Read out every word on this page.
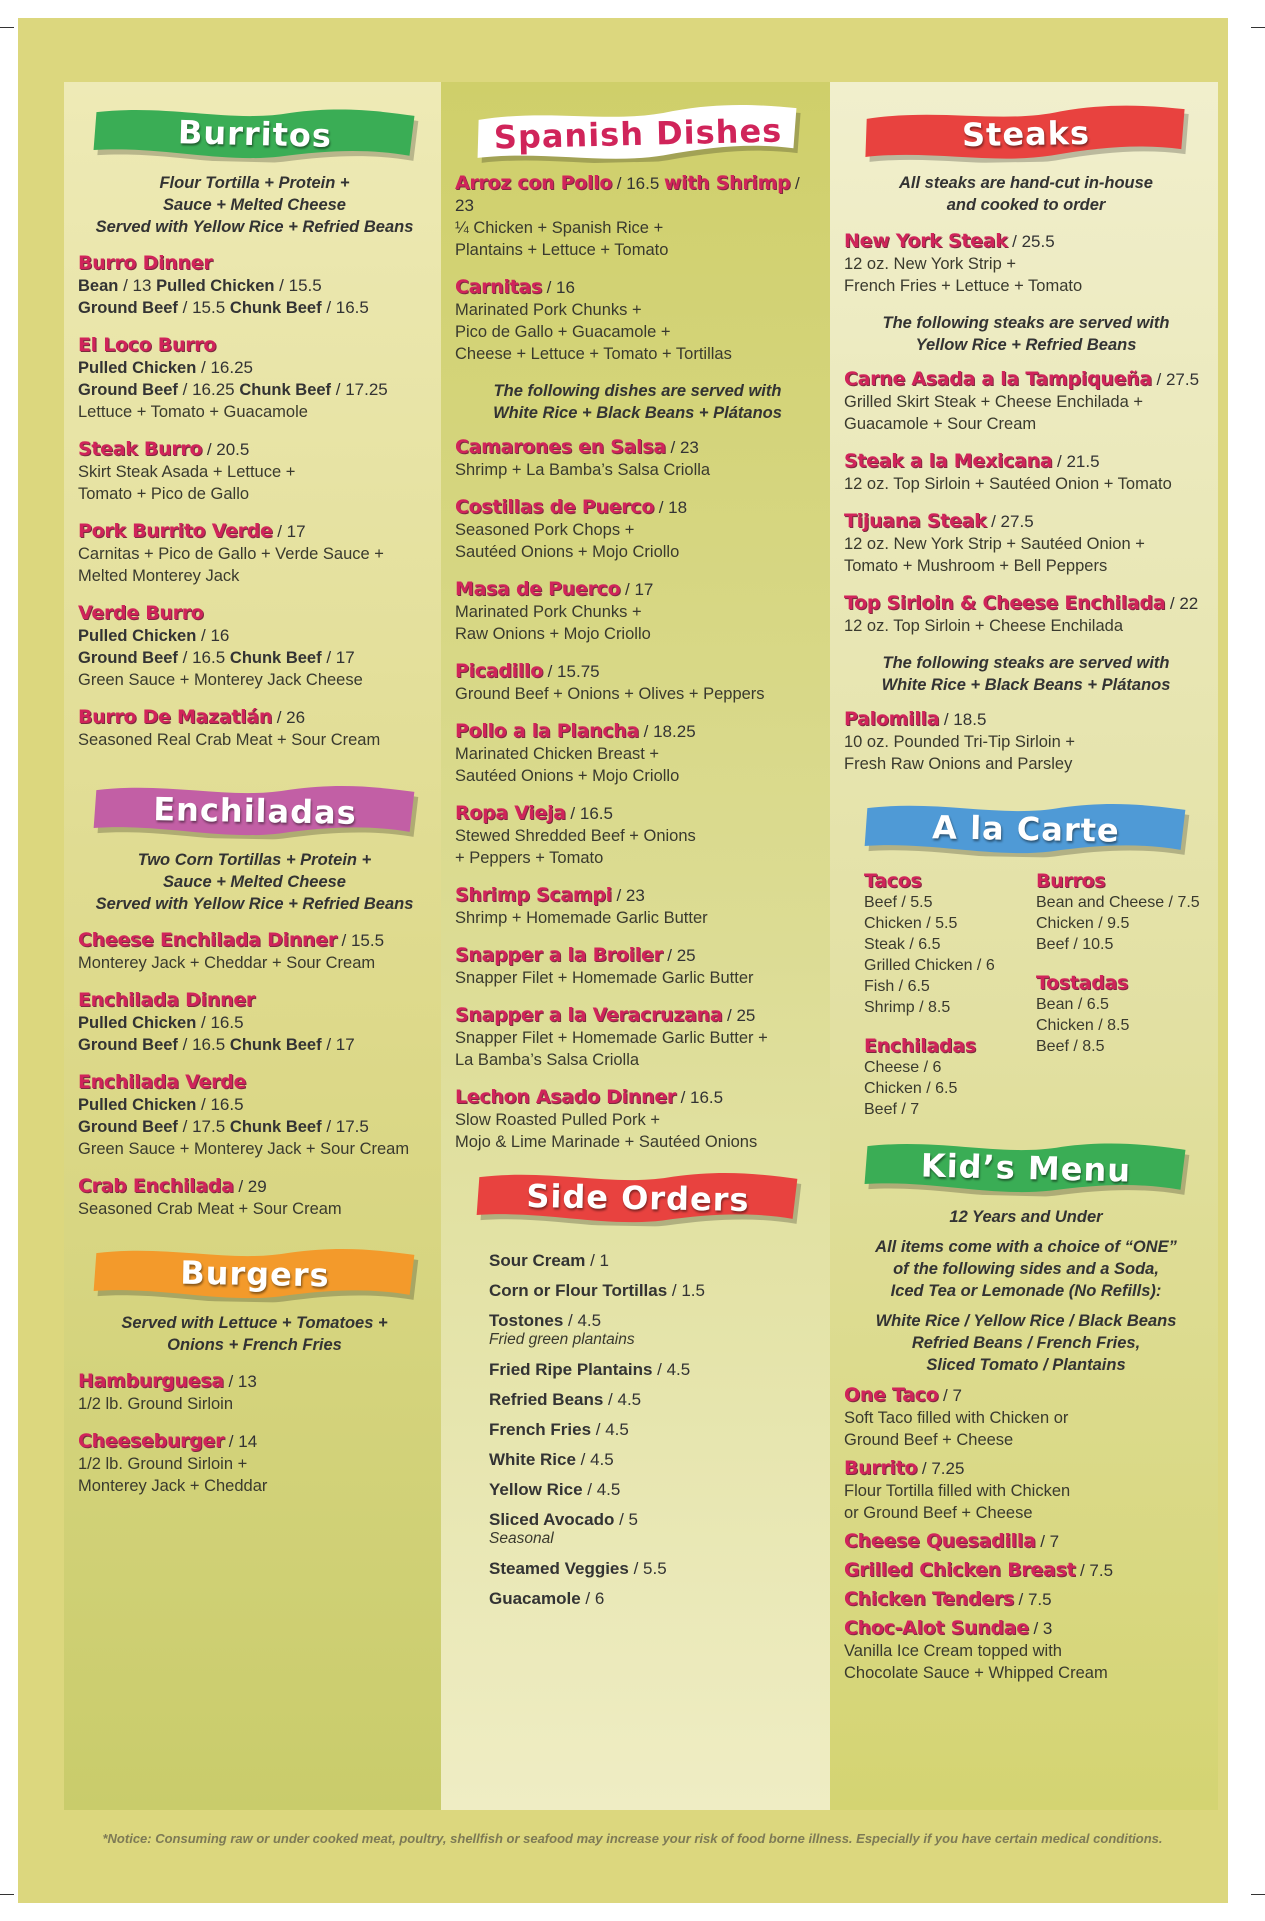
Burritos
Flour Tortilla + Protein +
Sauce + Melted Cheese
Served with Yellow Rice + Refried Beans
Burro Dinner
Bean / 13 Pulled Chicken / 15.5
Ground Beef / 15.5 Chunk Beef / 16.5
El Loco Burro
Pulled Chicken / 16.25
Ground Beef / 16.25 Chunk Beef / 17.25
Lettuce + Tomato + Guacamole
Steak Burro / 20.5
Skirt Steak Asada + Lettuce +
Tomato + Pico de Gallo
Pork Burrito Verde / 17
Carnitas + Pico de Gallo + Verde Sauce +
Melted Monterey Jack
Verde Burro
Pulled Chicken / 16
Ground Beef / 16.5 Chunk Beef / 17
Green Sauce + Monterey Jack Cheese
Burro De Mazatlán / 26
Seasoned Real Crab Meat + Sour Cream
Enchiladas
Two Corn Tortillas + Protein +
Sauce + Melted Cheese
Served with Yellow Rice + Refried Beans
Cheese Enchilada Dinner / 15.5
Monterey Jack + Cheddar + Sour Cream
Enchilada Dinner
Pulled Chicken / 16.5
Ground Beef / 16.5 Chunk Beef / 17
Enchilada Verde
Pulled Chicken / 16.5
Ground Beef / 17.5 Chunk Beef / 17.5
Green Sauce + Monterey Jack + Sour Cream
Crab Enchilada / 29
Seasoned Crab Meat + Sour Cream
Burgers
Served with Lettuce + Tomatoes +
Onions + French Fries
Hamburguesa / 13
1/2 lb. Ground Sirloin
Cheeseburger / 14
1/2 lb. Ground Sirloin +
Monterey Jack + Cheddar
Spanish Dishes
Arroz con Pollo / 16.5 with Shrimp / 23
¼ Chicken + Spanish Rice +
Plantains + Lettuce + Tomato
Carnitas / 16
Marinated Pork Chunks +
Pico de Gallo + Guacamole +
Cheese + Lettuce + Tomato + Tortillas
The following dishes are served with
White Rice + Black Beans + Plátanos
Camarones en Salsa / 23
Shrimp + La Bamba’s Salsa Criolla
Costillas de Puerco / 18
Seasoned Pork Chops +
Sautéed Onions + Mojo Criollo
Masa de Puerco / 17
Marinated Pork Chunks +
Raw Onions + Mojo Criollo
Picadillo / 15.75
Ground Beef + Onions + Olives + Peppers
Pollo a la Plancha / 18.25
Marinated Chicken Breast +
Sautéed Onions + Mojo Criollo
Ropa Vieja / 16.5
Stewed Shredded Beef + Onions
+ Peppers + Tomato
Shrimp Scampi / 23
Shrimp + Homemade Garlic Butter
Snapper a la Broiler / 25
Snapper Filet + Homemade Garlic Butter
Snapper a la Veracruzana / 25
Snapper Filet + Homemade Garlic Butter +
La Bamba’s Salsa Criolla
Lechon Asado Dinner / 16.5
Slow Roasted Pulled Pork +
Mojo & Lime Marinade + Sautéed Onions
Side Orders
Sour Cream / 1
Corn or Flour Tortillas / 1.5
Tostones / 4.5
Fried green plantains
Fried Ripe Plantains / 4.5
Refried Beans / 4.5
French Fries / 4.5
White Rice / 4.5
Yellow Rice / 4.5
Sliced Avocado / 5
Seasonal
Steamed Veggies / 5.5
Guacamole / 6
Steaks
All steaks are hand-cut in-house
and cooked to order
New York Steak / 25.5
12 oz. New York Strip +
French Fries + Lettuce + Tomato
The following steaks are served with
Yellow Rice + Refried Beans
Carne Asada a la Tampiqueña / 27.5
Grilled Skirt Steak + Cheese Enchilada +
Guacamole + Sour Cream
Steak a la Mexicana / 21.5
12 oz. Top Sirloin + Sautéed Onion + Tomato
Tijuana Steak / 27.5
12 oz. New York Strip + Sautéed Onion +
Tomato + Mushroom + Bell Peppers
Top Sirloin & Cheese Enchilada / 22
12 oz. Top Sirloin + Cheese Enchilada
The following steaks are served with
White Rice + Black Beans + Plátanos
Palomilla / 18.5
10 oz. Pounded Tri-Tip Sirloin +
Fresh Raw Onions and Parsley
A la Carte
Tacos
Beef / 5.5
Chicken / 5.5
Steak / 6.5
Grilled Chicken / 6
Fish / 6.5
Shrimp / 8.5
Enchiladas
Cheese / 6
Chicken / 6.5
Beef / 7
Burros
Bean and Cheese / 7.5
Chicken / 9.5
Beef / 10.5
Tostadas
Bean / 6.5
Chicken / 8.5
Beef / 8.5
Kid’s Menu
12 Years and Under
All items come with a choice of “ONE”
of the following sides and a Soda,
Iced Tea or Lemonade (No Refills):
White Rice / Yellow Rice / Black Beans
Refried Beans / French Fries,
Sliced Tomato / Plantains
One Taco / 7
Soft Taco filled with Chicken or
Ground Beef + Cheese
Burrito / 7.25
Flour Tortilla filled with Chicken
or Ground Beef + Cheese
Cheese Quesadilla / 7
Grilled Chicken Breast / 7.5
Chicken Tenders / 7.5
Choc-Alot Sundae / 3
Vanilla Ice Cream topped with
Chocolate Sauce + Whipped Cream
*Notice: Consuming raw or under cooked meat, poultry, shellfish or seafood may increase your risk of food borne illness. Especially if you have certain medical conditions.
